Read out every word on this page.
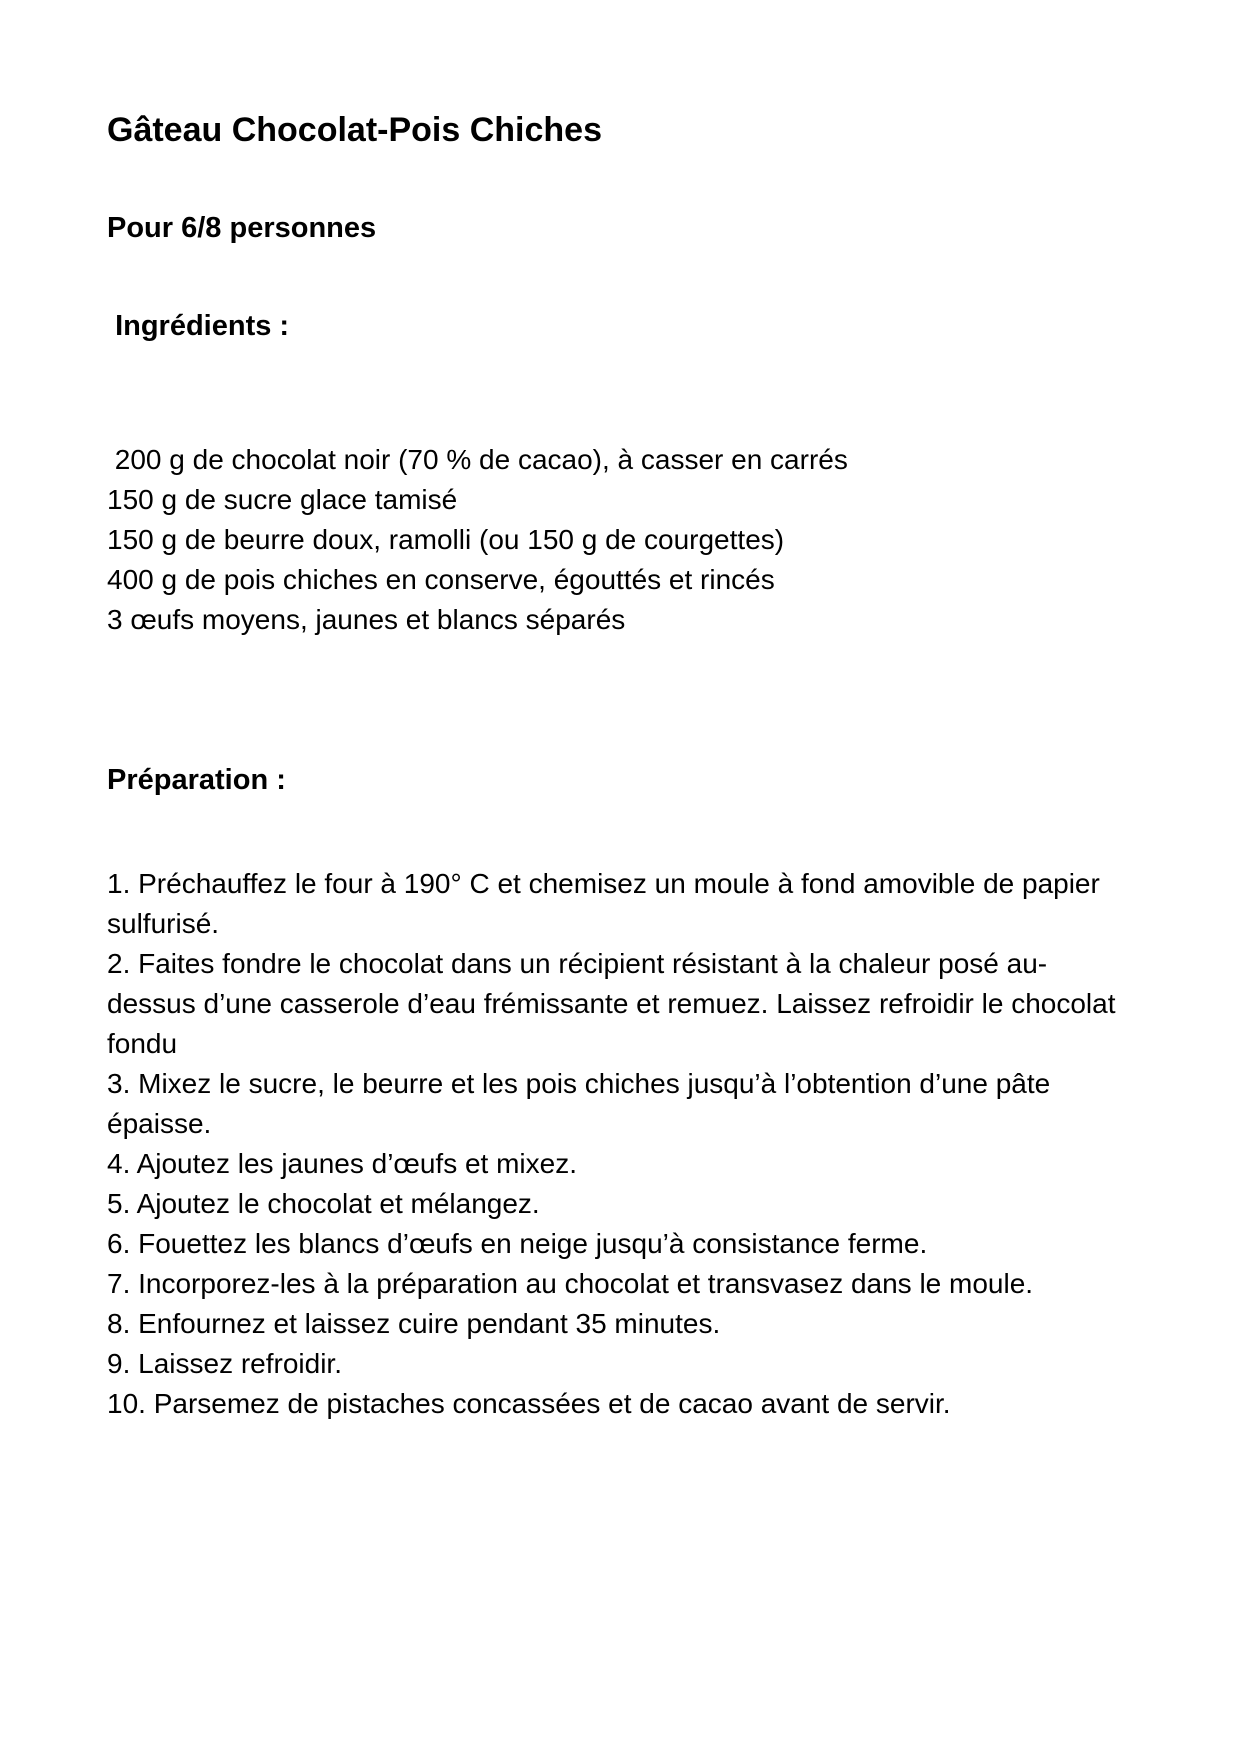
Gâteau Chocolat-Pois Chiches
Pour 6/8 personnes
Ingrédients :

200 g de chocolat noir (70 % de cacao), à casser en carrés

150 g de sucre glace tamisé

150 g de beurre doux, ramolli (ou 150 g de courgettes)

400 g de pois chiches en conserve, égouttés et rincés

3 œufs moyens, jaunes et blancs séparés

Préparation :

1. Préchauffez le four à 190° C et chemisez un moule à fond amovible de papier sulfurisé.

2. Faites fondre le chocolat dans un récipient résistant à la chaleur posé au- dessus d’une casserole d’eau frémissante et remuez. Laissez refroidir le chocolat fondu

3. Mixez le sucre, le beurre et les pois chiches jusqu’à l’obtention d’une pâte épaisse.

4. Ajoutez les jaunes d’œufs et mixez.

5. Ajoutez le chocolat et mélangez.

6. Fouettez les blancs d’œufs en neige jusqu’à consistance ferme.

7. Incorporez-les à la préparation au chocolat et transvasez dans le moule.

8. Enfournez et laissez cuire pendant 35 minutes.

9. Laissez refroidir.

10. Parsemez de pistaches concassées et de cacao avant de servir.
